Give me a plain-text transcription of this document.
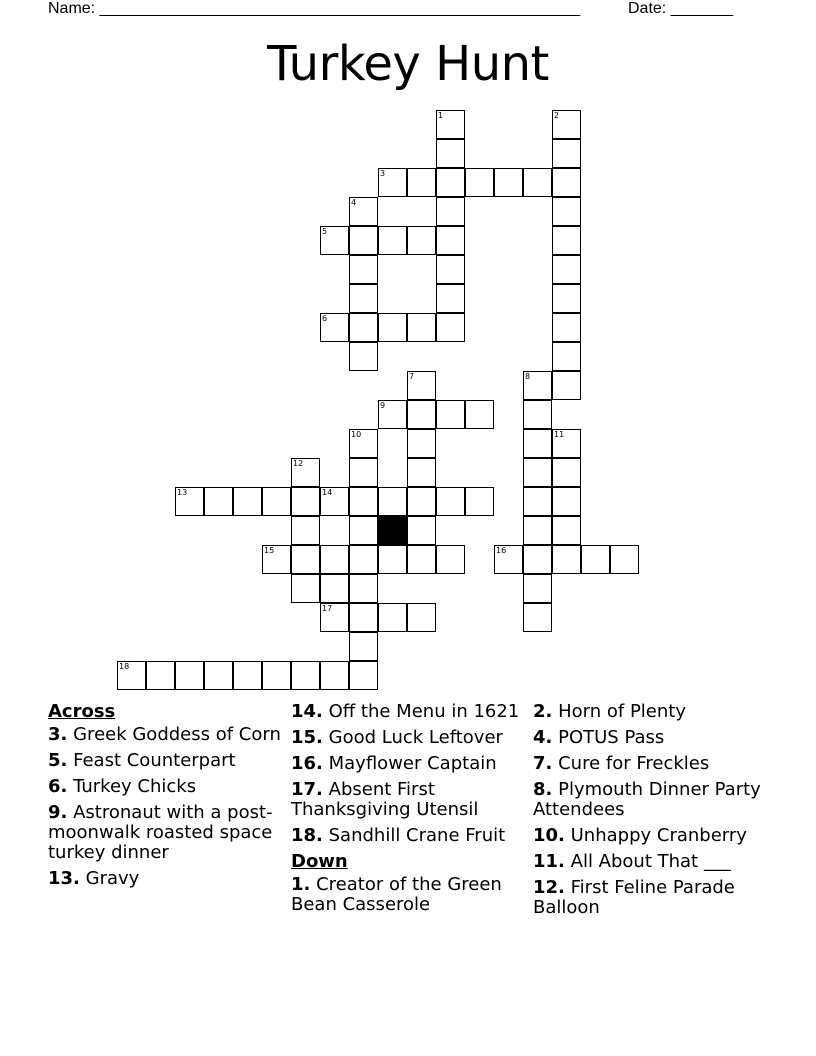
Name: ______________________________________________________	Date: _______
Turkey Hunt
1	2
3
4
5
6
7	8
9
10	11
12
13	14
15	16
17
18
Across
3. Greek Goddess of Corn
5. Feast Counterpart
6. Turkey Chicks
9. Astronaut with a post-moonwalk roasted space turkey dinner
13. Gravy
14. Off the Menu in 1621
15. Good Luck Leftover
16. Mayflower Captain
17. Absent First Thanksgiving Utensil
18. Sandhill Crane Fruit
Down
1. Creator of the Green Bean Casserole
2. Horn of Plenty
4. POTUS Pass
7. Cure for Freckles
8. Plymouth Dinner Party Attendees
10. Unhappy Cranberry
11. All About That ___
12. First Feline Parade Balloon
